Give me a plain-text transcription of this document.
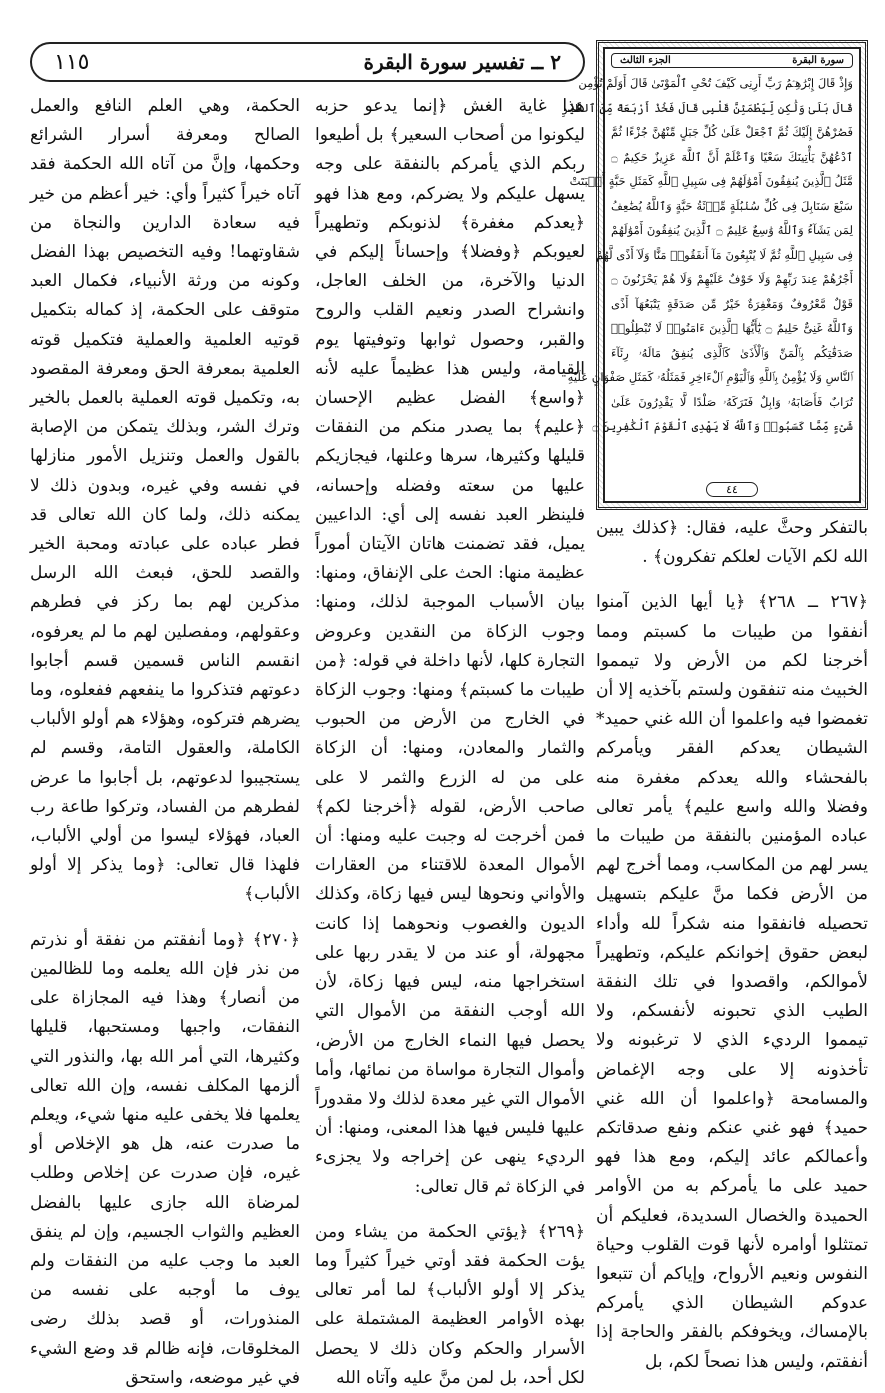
١١٥	٢ ــ تفسير سورة البقرة	سورة البقرة
الجزء الثالث
وَإِذْ قَالَ إِبْرَٰهِـۧمُ رَبِّ أَرِنِى كَيْفَ تُحْىِ ٱلْمَوْتَىٰ قَالَ أَوَلَمْ تُؤْمِن
قَالَ بَلَىٰ وَلَٰكِن لِّيَطْمَئِنَّ قَلْبِى قَالَ فَخُذْ أَرْبَعَةً مِّنَ ٱلطَّيْرِ
فَصُرْهُنَّ إِلَيْكَ ثُمَّ ٱجْعَلْ عَلَىٰ كُلِّ جَبَلٍ مِّنْهُنَّ جُزْءًا ثُمَّ
ٱدْعُهُنَّ يَأْتِينَكَ سَعْيًا وَٱعْلَمْ أَنَّ ٱللَّهَ عَزِيزٌ حَكِيمٌ ۝
مَّثَلُ ٱلَّذِينَ يُنفِقُونَ أَمْوَٰلَهُمْ فِى سَبِيلِ ٱللَّهِ كَمَثَلِ حَبَّةٍ أَنۢبَتَتْ
سَبْعَ سَنَابِلَ فِى كُلِّ سُنۢبُلَةٍ مِّا۟ئَةُ حَبَّةٍ وَٱللَّهُ يُضَٰعِفُ
لِمَن يَشَآءُ وَٱللَّهُ وَٰسِعٌ عَلِيمٌ ۝ ٱلَّذِينَ يُنفِقُونَ أَمْوَٰلَهُمْ
فِى سَبِيلِ ٱللَّهِ ثُمَّ لَا يُتْبِعُونَ مَآ أَنفَقُوا۟ مَنًّا وَلَآ أَذًى لَّهُمْ
أَجْرُهُمْ عِندَ رَبِّهِمْ وَلَا خَوْفٌ عَلَيْهِمْ وَلَا هُمْ يَحْزَنُونَ ۝
قَوْلٌ مَّعْرُوفٌ وَمَغْفِرَةٌ خَيْرٌ مِّن صَدَقَةٍ يَتْبَعُهَآ أَذًى
وَٱللَّهُ غَنِىٌّ حَلِيمٌ ۝ يَٰٓأَيُّهَا ٱلَّذِينَ ءَامَنُوا۟ لَا تُبْطِلُوا۟
صَدَقَٰتِكُم بِٱلْمَنِّ وَٱلْأَذَىٰ كَٱلَّذِى يُنفِقُ مَالَهُۥ رِئَآءَ
ٱلنَّاسِ وَلَا يُؤْمِنُ بِٱللَّهِ وَٱلْيَوْمِ ٱلْءَاخِرِ فَمَثَلُهُۥ كَمَثَلِ صَفْوَانٍ عَلَيْهِ
تُرَابٌ فَأَصَابَهُۥ وَابِلٌ فَتَرَكَهُۥ صَلْدًا لَّا يَقْدِرُونَ عَلَىٰ
شَىْءٍ مِّمَّا كَسَبُوا۟ وَٱللَّهُ لَا يَهْدِى ٱلْقَوْمَ ٱلْكَٰفِرِينَ ۝
٤٤

بالتفكر وحثَّ عليه، فقال: ﴿كذلك يبين الله لكم الآيات لعلكم تفكرون﴾ .

﴿٢٦٧ ــ ٢٦٨﴾ ﴿يا أيها الذين آمنوا أنفقوا من طيبات ما كسبتم ومما أخرجنا لكم من الأرض ولا تيمموا الخبيث منه تنفقون ولستم بآخذيه إلا أن تغمضوا فيه واعلموا أن الله غني حميد* الشيطان يعدكم الفقر ويأمركم بالفحشاء والله يعدكم مغفرة منه وفضلا والله واسع عليم﴾ يأمر تعالى عباده المؤمنين بالنفقة من طيبات ما يسر لهم من المكاسب، ومما أخرج لهم من الأرض فكما منَّ عليكم بتسهيل تحصيله فانفقوا منه شكراً لله وأداء لبعض حقوق إخوانكم عليكم، وتطهيراً لأموالكم، واقصدوا في تلك النفقة الطيب الذي تحبونه لأنفسكم، ولا تيمموا الرديء الذي لا ترغبونه ولا تأخذونه إلا على وجه الإغماض والمسامحة ﴿واعلموا أن الله غني حميد﴾ فهو غني عنكم ونفع صدقاتكم وأعمالكم عائد إليكم، ومع هذا فهو حميد على ما يأمركم به من الأوامر الحميدة والخصال السديدة، فعليكم أن تمتثلوا أوامره لأنها قوت القلوب وحياة النفوس ونعيم الأرواح، وإياكم أن تتبعوا عدوكم الشيطان الذي يأمركم بالإمساك، ويخوفكم بالفقر والحاجة إذا أنفقتم، وليس هذا نصحاً لكم، بل

هذا غاية الغش ﴿إنما يدعو حزبه ليكونوا من أصحاب السعير﴾ بل أطيعوا ربكم الذي يأمركم بالنفقة على وجه يسهل عليكم ولا يضركم، ومع هذا فهو ﴿يعدكم مغفرة﴾ لذنوبكم وتطهيراً لعيوبكم ﴿وفضلا﴾ وإحساناً إليكم في الدنيا والآخرة، من الخلف العاجل، وانشراح الصدر ونعيم القلب والروح والقبر، وحصول ثوابها وتوفيتها يوم القيامة، وليس هذا عظيماً عليه لأنه ﴿واسع﴾ الفضل عظيم الإحسان ﴿عليم﴾ بما يصدر منكم من النفقات قليلها وكثيرها، سرها وعلنها، فيجازيكم عليها من سعته وفضله وإحسانه، فلينظر العبد نفسه إلى أي: الداعيين يميل، فقد تضمنت هاتان الآيتان أموراً عظيمة منها: الحث على الإنفاق، ومنها: بيان الأسباب الموجبة لذلك، ومنها: وجوب الزكاة من النقدين وعروض التجارة كلها، لأنها داخلة في قوله: ﴿من طيبات ما كسبتم﴾ ومنها: وجوب الزكاة في الخارج من الأرض من الحبوب والثمار والمعادن، ومنها: أن الزكاة على من له الزرع والثمر لا على صاحب الأرض، لقوله ﴿أخرجنا لكم﴾ فمن أخرجت له وجبت عليه ومنها: أن الأموال المعدة للاقتناء من العقارات والأواني ونحوها ليس فيها زكاة، وكذلك الديون والغصوب ونحوهما إذا كانت مجهولة، أو عند من لا يقدر ربها على استخراجها منه، ليس فيها زكاة، لأن الله أوجب النفقة من الأموال التي يحصل فيها النماء الخارج من الأرض، وأموال التجارة مواساة من نمائها، وأما الأموال التي غير معدة لذلك ولا مقدوراً عليها فليس فيها هذا المعنى، ومنها: أن الرديء ينهى عن إخراجه ولا يجزىء في الزكاة ثم قال تعالى:

﴿٢٦٩﴾ ﴿يؤتي الحكمة من يشاء ومن يؤت الحكمة فقد أوتي خيراً كثيراً وما يذكر إلا أولو الألباب﴾ لما أمر تعالى بهذه الأوامر العظيمة المشتملة على الأسرار والحكم وكان ذلك لا يحصل لكل أحد، بل لمن منَّ عليه وآتاه الله

الحكمة، وهي العلم النافع والعمل الصالح ومعرفة أسرار الشرائع وحكمها، وإنَّ من آتاه الله الحكمة فقد آتاه خيراً كثيراً وأي: خير أعظم من خير فيه سعادة الدارين والنجاة من شقاوتهما! وفيه التخصيص بهذا الفضل وكونه من ورثة الأنبياء، فكمال العبد متوقف على الحكمة، إذ كماله بتكميل قوتيه العلمية والعملية فتكميل قوته العلمية بمعرفة الحق ومعرفة المقصود به، وتكميل قوته العملية بالعمل بالخير وترك الشر، وبذلك يتمكن من الإصابة بالقول والعمل وتنزيل الأمور منازلها في نفسه وفي غيره، وبدون ذلك لا يمكنه ذلك، ولما كان الله تعالى قد فطر عباده على عبادته ومحبة الخير والقصد للحق، فبعث الله الرسل مذكرين لهم بما ركز في فطرهم وعقولهم، ومفصلين لهم ما لم يعرفوه، انقسم الناس قسمين قسم أجابوا دعوتهم فتذكروا ما ينفعهم ففعلوه، وما يضرهم فتركوه، وهؤلاء هم أولو الألباب الكاملة، والعقول التامة، وقسم لم يستجيبوا لدعوتهم، بل أجابوا ما عرض لفطرهم من الفساد، وتركوا طاعة رب العباد، فهؤلاء ليسوا من أولي الألباب، فلهذا قال تعالى: ﴿وما يذكر إلا أولو الألباب﴾

﴿٢٧٠﴾ ﴿وما أنفقتم من نفقة أو نذرتم من نذر فإن الله يعلمه وما للظالمين من أنصار﴾ وهذا فيه المجازاة على النفقات، واجبها ومستحبها، قليلها وكثيرها، التي أمر الله بها، والنذور التي ألزمها المكلف نفسه، وإن الله تعالى يعلمها فلا يخفى عليه منها شيء، ويعلم ما صدرت عنه، هل هو الإخلاص أو غيره، فإن صدرت عن إخلاص وطلب لمرضاة الله جازى عليها بالفضل العظيم والثواب الجسيم، وإن لم ينفق العبد ما وجب عليه من النفقات ولم يوف ما أوجبه على نفسه من المنذورات، أو قصد بذلك رضى المخلوقات، فإنه ظالم قد وضع الشيء في غير موضعه، واستحق
